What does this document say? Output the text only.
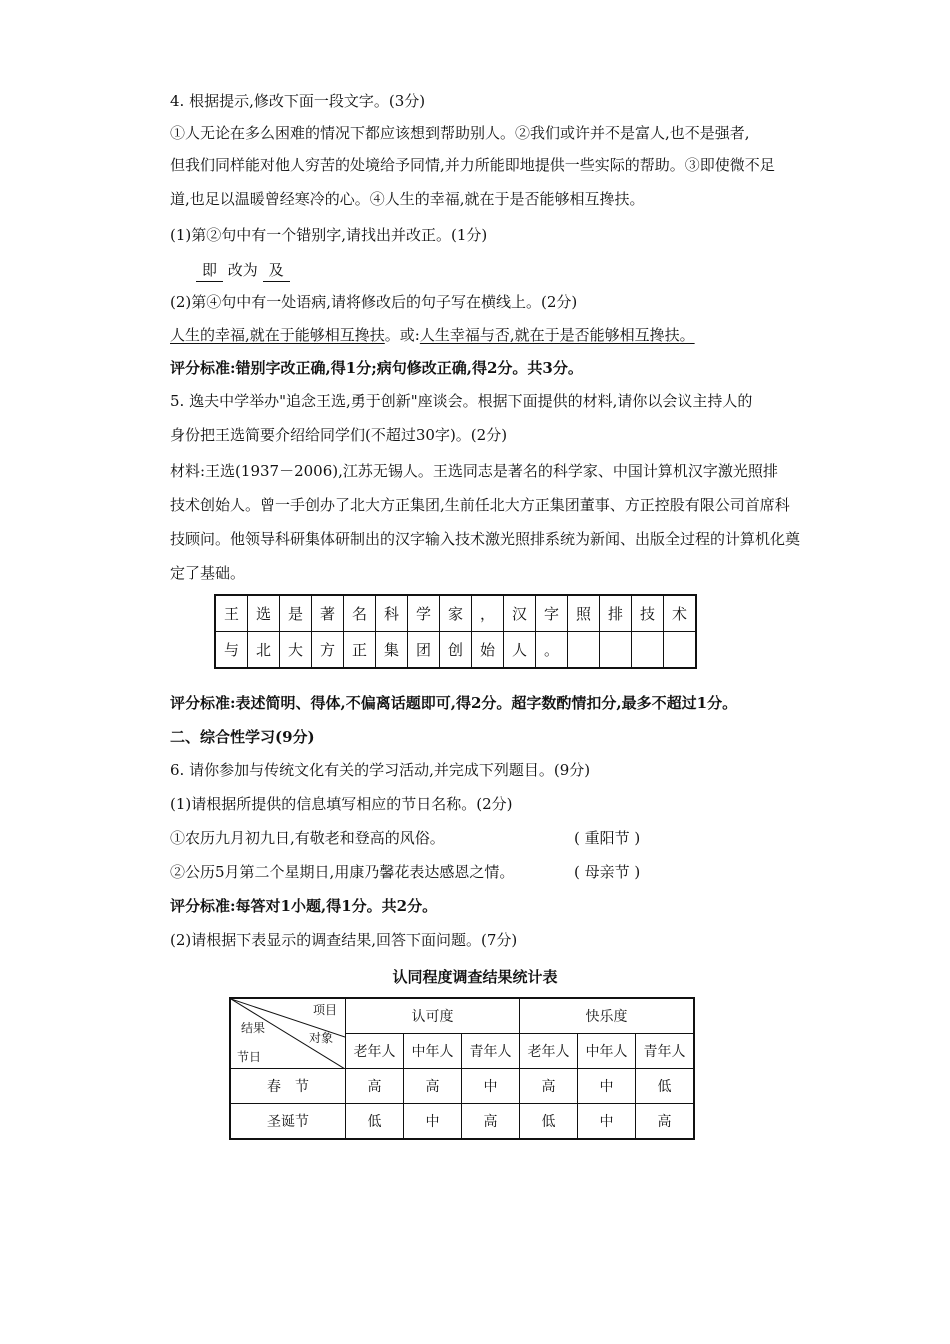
4. 根据提示,修改下面一段文字。(3分)
①人无论在多么困难的情况下都应该想到帮助别人。②我们或许并不是富人,也不是强者,
但我们同样能对他人穷苦的处境给予同情,并力所能即地提供一些实际的帮助。③即使微不足
道,也足以温暖曾经寒冷的心。④人生的幸福,就在于是否能够相互搀扶。
(1)第②句中有一个错别字,请找出并改正。(1分)
即 改为 及
(2)第④句中有一处语病,请将修改后的句子写在横线上。(2分)
人生的幸福,就在于能够相互搀扶。或:人生幸福与否,就在于是否能够相互搀扶。
评分标准:错别字改正确,得1分;病句修改正确,得2分。共3分。
5. 逸夫中学举办"追念王选,勇于创新"座谈会。根据下面提供的材料,请你以会议主持人的
身份把王选简要介绍给同学们(不超过30字)。(2分)
材料:王选(1937－2006),江苏无锡人。王选同志是著名的科学家、中国计算机汉字激光照排
技术创始人。曾一手创办了北大方正集团,生前任北大方正集团董事、方正控股有限公司首席科
技顾问。他领导科研集体研制出的汉字输入技术激光照排系统为新闻、出版全过程的计算机化奠
定了基础。
王	选	是	著	名	科	学	家	，	汉	字	照	排	技	术
与	北	大	方	正	集	团	创	始	人	。				
评分标准:表述简明、得体,不偏离话题即可,得2分。超字数酌情扣分,最多不超过1分。
二、综合性学习(9分)
6. 请你参加与传统文化有关的学习活动,并完成下列题目。(9分)
(1)请根据所提供的信息填写相应的节日名称。(2分)
①农历九月初九日,有敬老和登高的风俗。	( 重阳节 )
②公历5月第二个星期日,用康乃馨花表达感恩之情。	( 母亲节 )
评分标准:每答对1小题,得1分。共2分。
(2)请根据下表显示的调查结果,回答下面问题。(7分)
认同程度调查结果统计表
项目
结果
对象
节日	认可度			快乐度		
	老年人	中年人	青年人	老年人	中年人	青年人
春　节	高	高	中	高	中	低
圣诞节	低	中	高	低	中	高
